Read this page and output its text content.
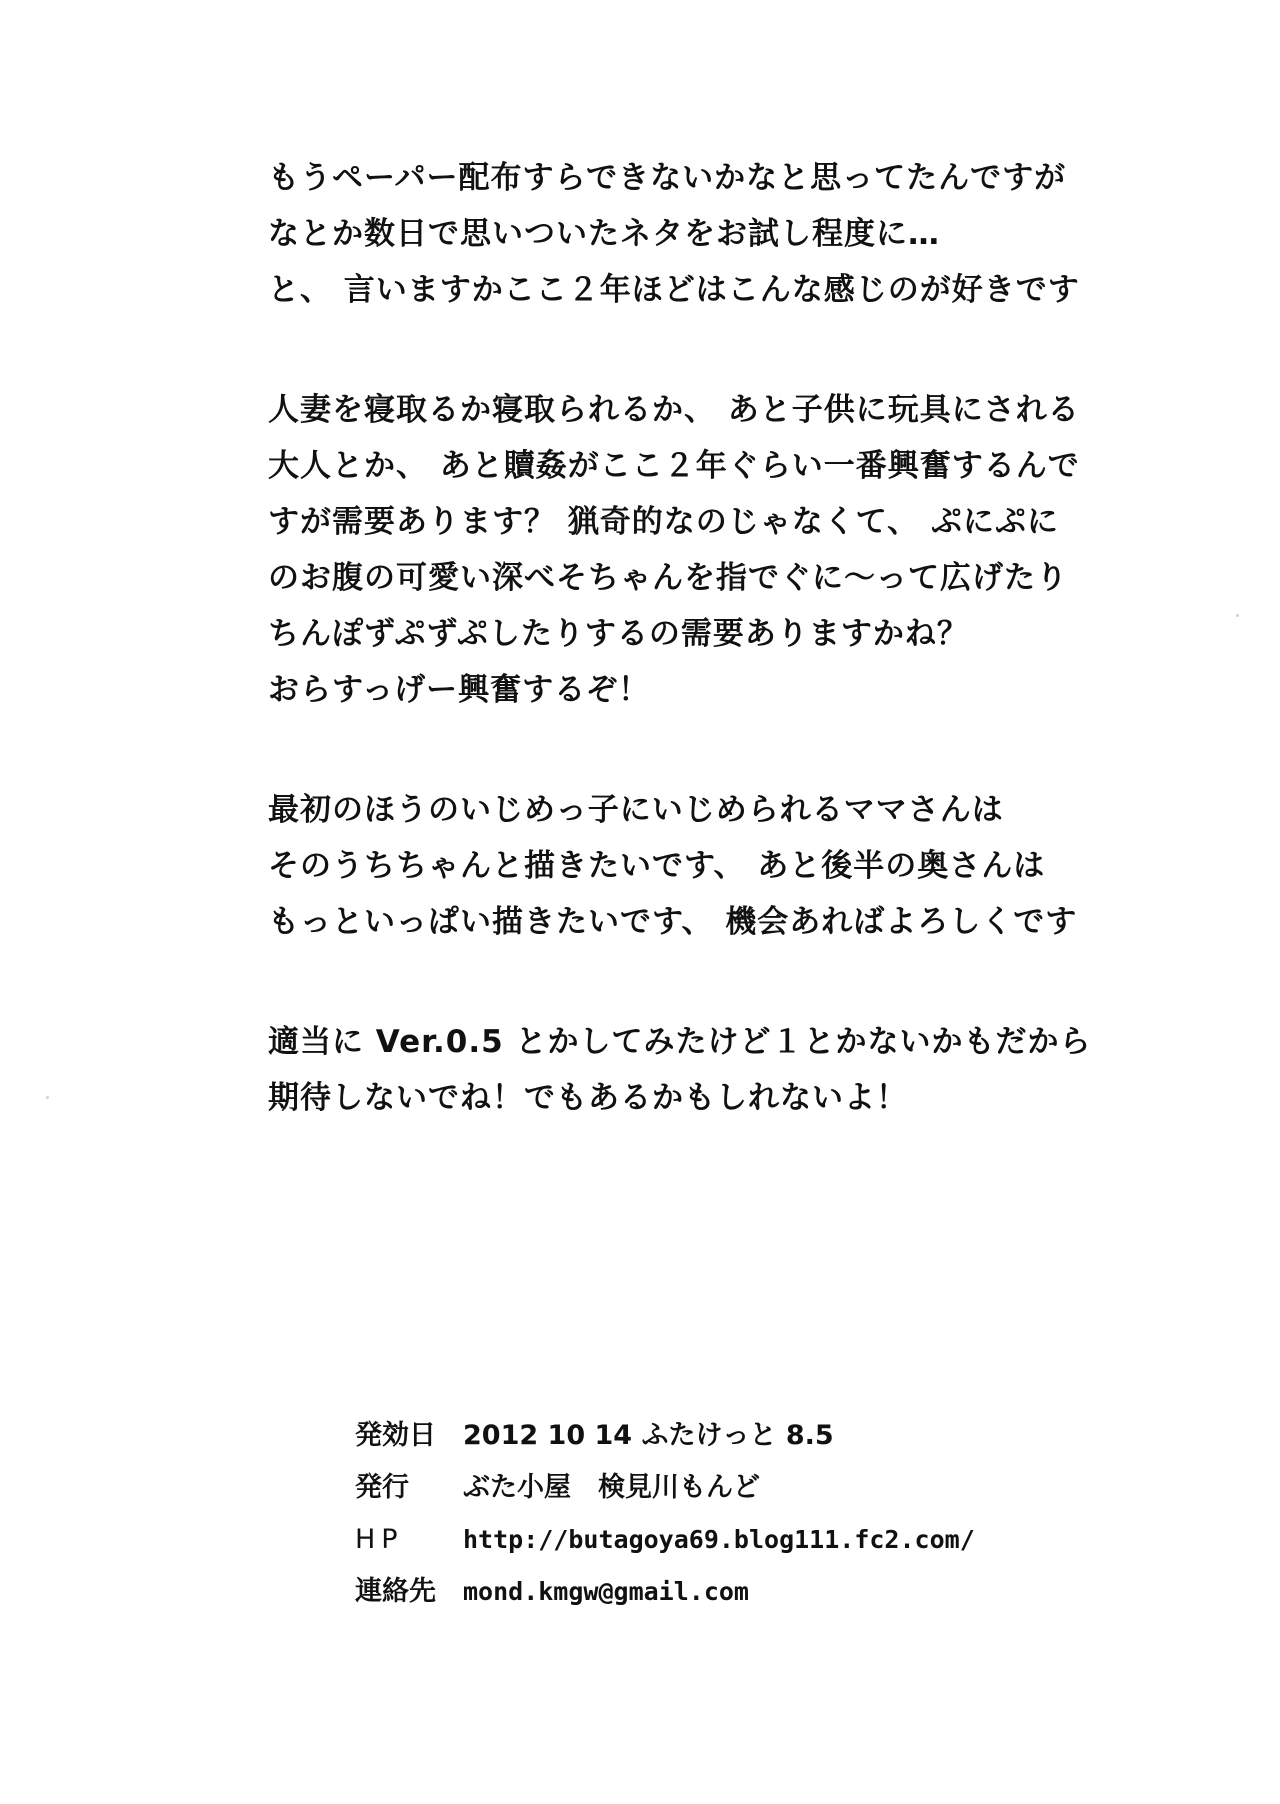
もうペーパー配布すらできないかなと思ってたんですが
なとか数日で思いついたネタをお試し程度に…
と、 言いますかここ２年ほどはこんな感じのが好きです
人妻を寝取るか寝取られるか、 あと子供に玩具にされる
大人とか、 あと贖姦がここ２年ぐらい一番興奮するんで
すが需要あります？ 猟奇的なのじゃなくて、 ぷにぷに
のお腹の可愛い深べそちゃんを指でぐに～って広げたり
ちんぽずぷずぷしたりするの需要ありますかね？
おらすっげー興奮するぞ！
最初のほうのいじめっ子にいじめられるママさんは
そのうちちゃんと描きたいです、 あと後半の奥さんは
もっといっぱい描きたいです、 機会あればよろしくです
適当に Ver.0.5 とかしてみたけど１とかないかもだから
期待しないでね！でもあるかもしれないよ！
発効日	2012 10 14 ふたけっと 8.5
発行	ぶた小屋　検見川もんど
HP	http://butagoya69.blog111.fc2.com/
連絡先	mond.kmgw@gmail.com
